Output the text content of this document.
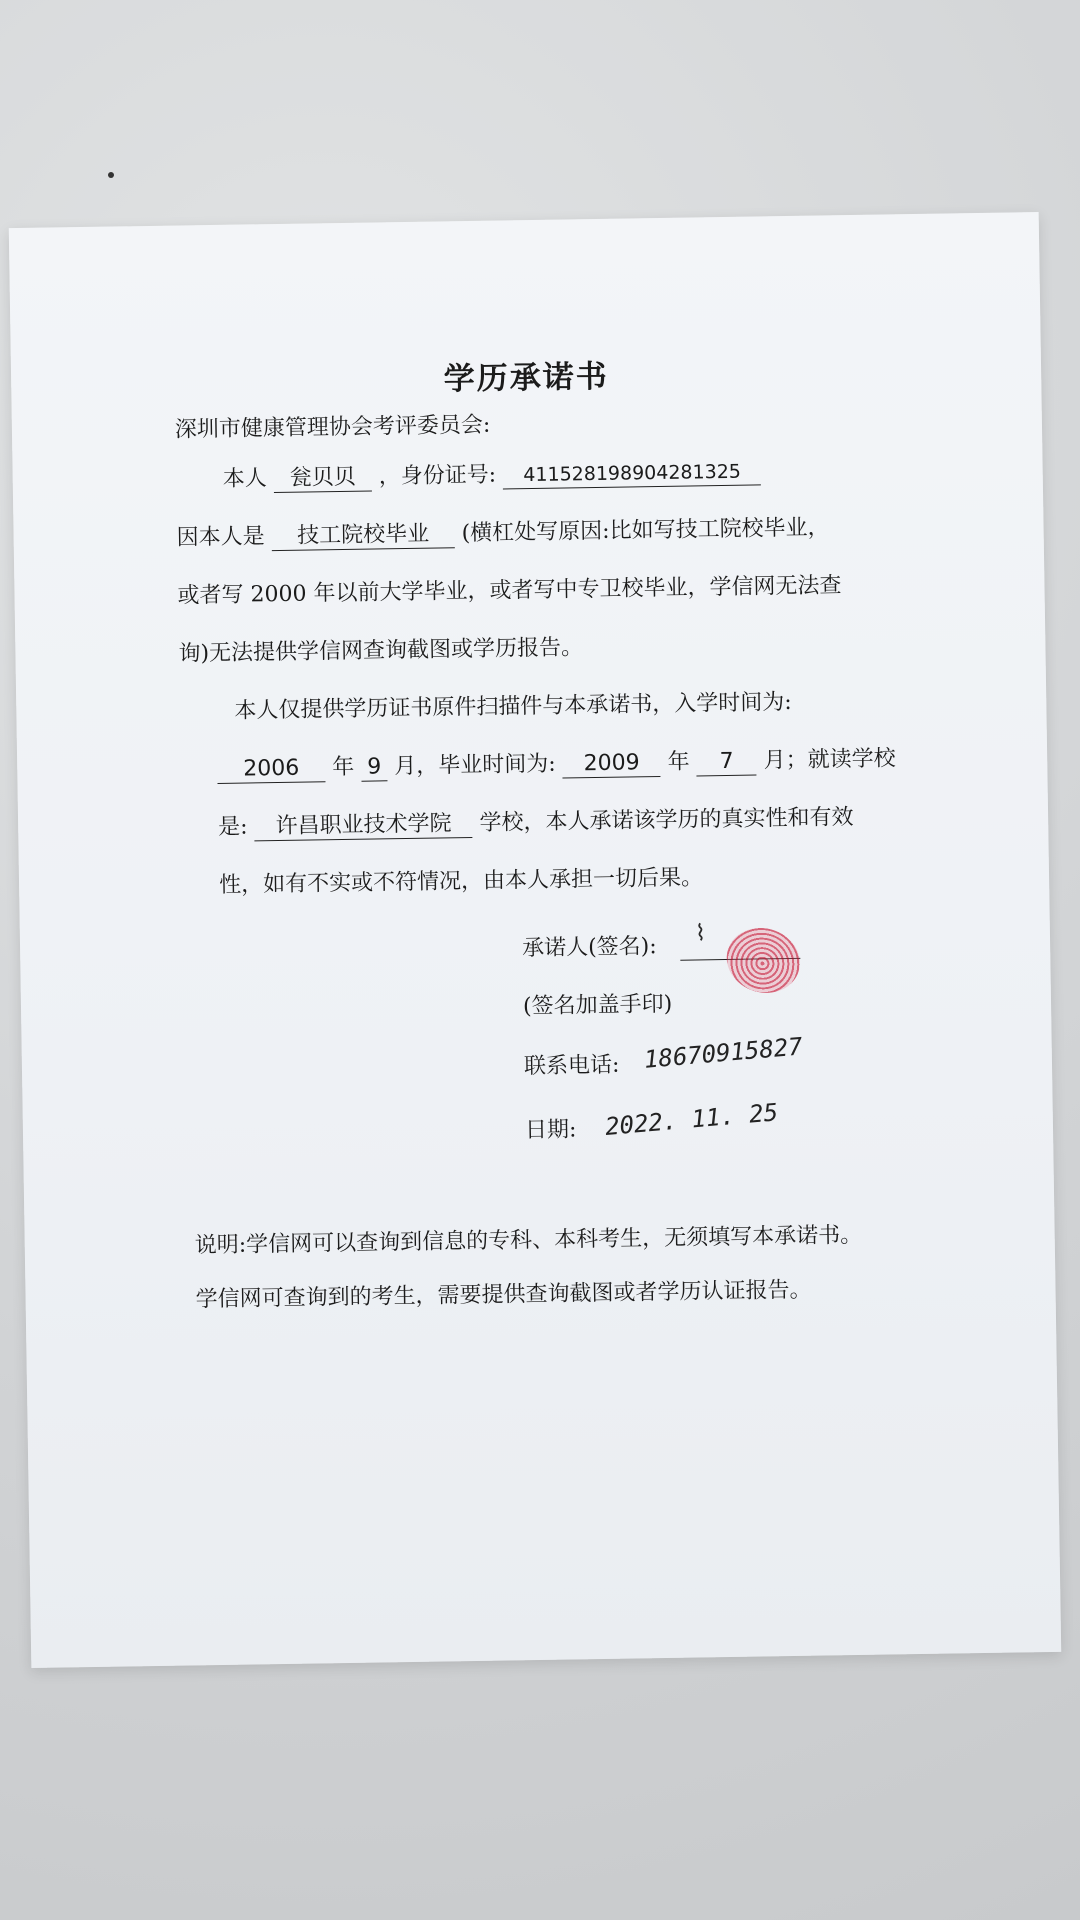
学历承诺书
深圳市健康管理协会考评委员会:
本人 瓮贝贝 ，身份证号: 411528198904281325
因本人是 技工院校毕业 (横杠处写原因:比如写技工院校毕业，
或者写 2000 年以前大学毕业，或者写中专卫校毕业，学信网无法查
询)无法提供学信网查询截图或学历报告。
本人仅提供学历证书原件扫描件与本承诺书，入学时间为:
2006 年 9 月，毕业时间为: 2009 年 7 月；就读学校
是: 许昌职业技术学院 学校，本人承诺该学历的真实性和有效
性，如有不实或不符情况，由本人承担一切后果。
承诺人(签名):
⌇
(签名加盖手印)
联系电话: 18670915827
日期: 2022. 11. 25
说明:学信网可以查询到信息的专科、本科考生，无须填写本承诺书。
学信网可查询到的考生，需要提供查询截图或者学历认证报告。
